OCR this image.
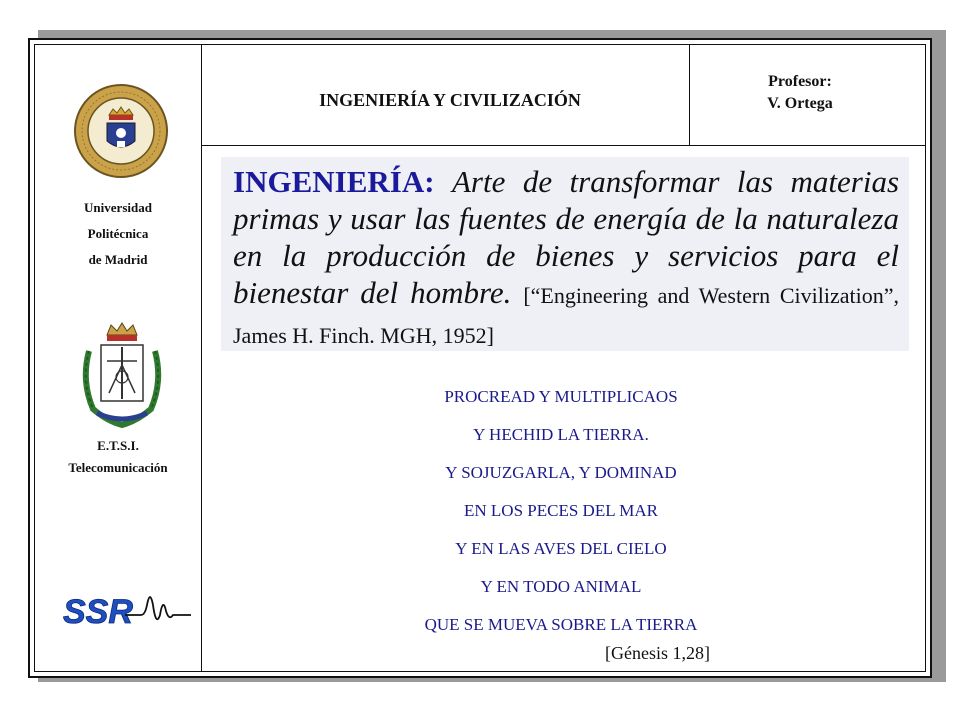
INGENIERÍA Y CIVILIZACIÓN
Profesor:
V. Ortega
Universidad
Politécnica
de Madrid
E.T.S.I.
Telecomunicación
SSR

INGENIERÍA: Arte de transformar las materias primas y usar las fuentes de energía de la naturaleza en la producción de bienes y servicios para el bienestar del hombre. [“Engineering and Western Civilization”, James H. Finch. MGH, 1952]

PROCREAD Y MULTIPLICAOS
Y HECHID LA TIERRA.
Y SOJUZGARLA, Y DOMINAD
EN LOS PECES DEL MAR
Y EN LAS AVES DEL CIELO
Y EN TODO ANIMAL
QUE SE MUEVA SOBRE LA TIERRA
[Génesis 1,28]
